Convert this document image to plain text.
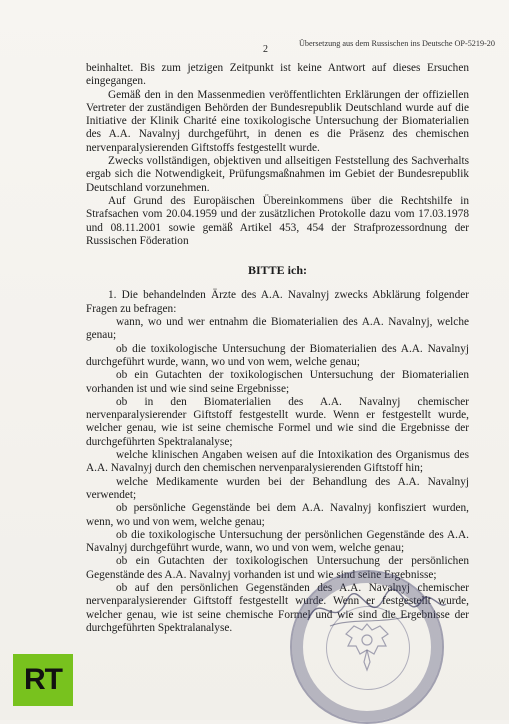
Übersetzung aus dem Russischen ins Deutsche OP-5219-20
2

beinhaltet. Bis zum jetzigen Zeitpunkt ist keine Antwort auf dieses Ersuchen eingegangen.

Gemäß den in den Massenmedien veröffentlichten Erklärungen der offiziellen Vertreter der zuständigen Behörden der Bundesrepublik Deutschland wurde auf die Initiative der Klinik Charité eine toxikologische Untersuchung der Biomaterialien des A.A. Navalnyj durchgeführt, in denen es die Präsenz des chemischen nervenparalysierenden Giftstoffs festgestellt wurde.

Zwecks vollständigen, objektiven und allseitigen Feststellung des Sachverhalts ergab sich die Notwendigkeit, Prüfungsmaßnahmen im Gebiet der Bundesrepublik Deutschland vorzunehmen.

Auf Grund des Europäischen Übereinkommens über die Rechtshilfe in Strafsachen vom 20.04.1959 und der zusätzlichen Protokolle dazu vom 17.03.1978 und 08.11.2001 sowie gemäß Artikel 453, 454 der Strafprozessordnung der Russischen Föderation

BITTE ich:

1. Die behandelnden Ärzte des A.A. Navalnyj zwecks Abklärung folgender Fragen zu befragen:

wann, wo und wer entnahm die Biomaterialien des A.A. Navalnyj, welche genau;

ob die toxikologische Untersuchung der Biomaterialien des A.A. Navalnyj durchgeführt wurde, wann, wo und von wem, welche genau;

ob ein Gutachten der toxikologischen Untersuchung der Biomaterialien vorhanden ist und wie sind seine Ergebnisse;

ob in den Biomaterialien des A.A. Navalnyj chemischer nervenparalysierender Giftstoff festgestellt wurde. Wenn er festgestellt wurde, welcher genau, wie ist seine chemische Formel und wie sind die Ergebnisse der durchgeführten Spektralanalyse;

welche klinischen Angaben weisen auf die Intoxikation des Organismus des A.A. Navalnyj durch den chemischen nervenparalysierenden Giftstoff hin;

welche Medikamente wurden bei der Behandlung des A.A. Navalnyj verwendet;

ob persönliche Gegenstände bei dem A.A. Navalnyj konfisziert wurden, wenn, wo und von wem, welche genau;

ob die toxikologische Untersuchung der persönlichen Gegenstände des A.A. Navalnyj durchgeführt wurde, wann, wo und von wem, welche genau;

ob ein Gutachten der toxikologischen Untersuchung der persönlichen Gegenstände des A.A. Navalnyj vorhanden ist und wie sind seine Ergebnisse;

ob auf den persönlichen Gegenständen des A.A. Navalnyj chemischer nervenparalysierender Giftstoff festgestellt wurde. Wenn er festgestellt wurde, welcher genau, wie ist seine chemische Formel und wie sind die Ergebnisse der durchgeführten Spektralanalyse.

RT
